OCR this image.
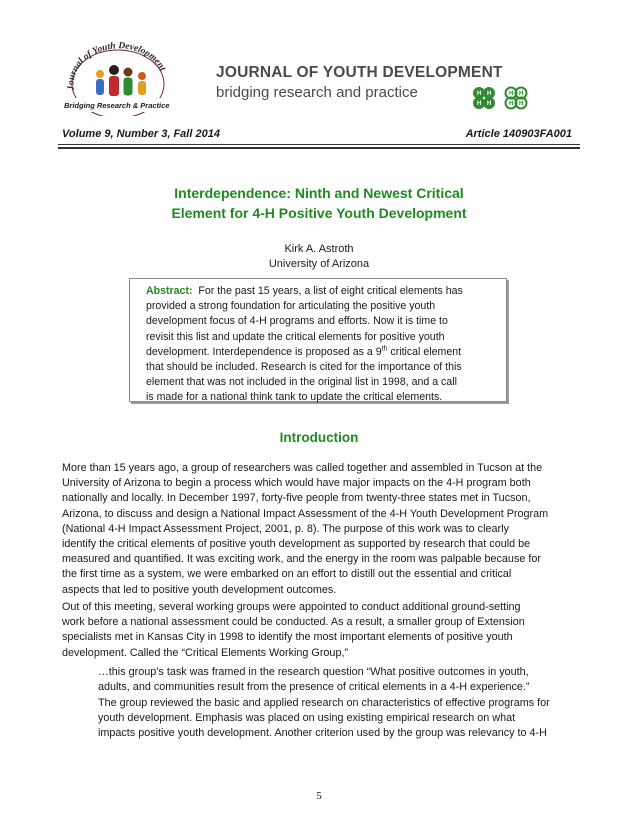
Journal of Youth Development
Bridging Research & Practice
JOURNAL OF YOUTH DEVELOPMENT
bridging research and practice	H H
H H
H H
H H
Volume 9, Number 3, Fall 2014	Article 140903FA001
Interdependence: Ninth and Newest Critical
Element for 4-H Positive Youth Development
Kirk A. Astroth
University of Arizona
Abstract: For the past 15 years, a list of eight critical elements has
provided a strong foundation for articulating the positive youth
development focus of 4-H programs and efforts. Now it is time to
revisit this list and update the critical elements for positive youth
development. Interdependence is proposed as a 9th critical element
that should be included. Research is cited for the importance of this
element that was not included in the original list in 1998, and a call
is made for a national think tank to update the critical elements.
Introduction
More than 15 years ago, a group of researchers was called together and assembled in Tucson at the
University of Arizona to begin a process which would have major impacts on the 4-H program both
nationally and locally. In December 1997, forty-five people from twenty-three states met in Tucson,
Arizona, to discuss and design a National Impact Assessment of the 4-H Youth Development Program
(National 4-H Impact Assessment Project, 2001, p. 8). The purpose of this work was to clearly
identify the critical elements of positive youth development as supported by research that could be
measured and quantified. It was exciting work, and the energy in the room was palpable because for
the first time as a system, we were embarked on an effort to distill out the essential and critical
aspects that led to positive youth development outcomes.
Out of this meeting, several working groups were appointed to conduct additional ground-setting
work before a national assessment could be conducted. As a result, a smaller group of Extension
specialists met in Kansas City in 1998 to identify the most important elements of positive youth
development. Called the “Critical Elements Working Group,”
…this group’s task was framed in the research question “What positive outcomes in youth,
adults, and communities result from the presence of critical elements in a 4-H experience.”
The group reviewed the basic and applied research on characteristics of effective programs for
youth development. Emphasis was placed on using existing empirical research on what
impacts positive youth development. Another criterion used by the group was relevancy to 4-H
5
